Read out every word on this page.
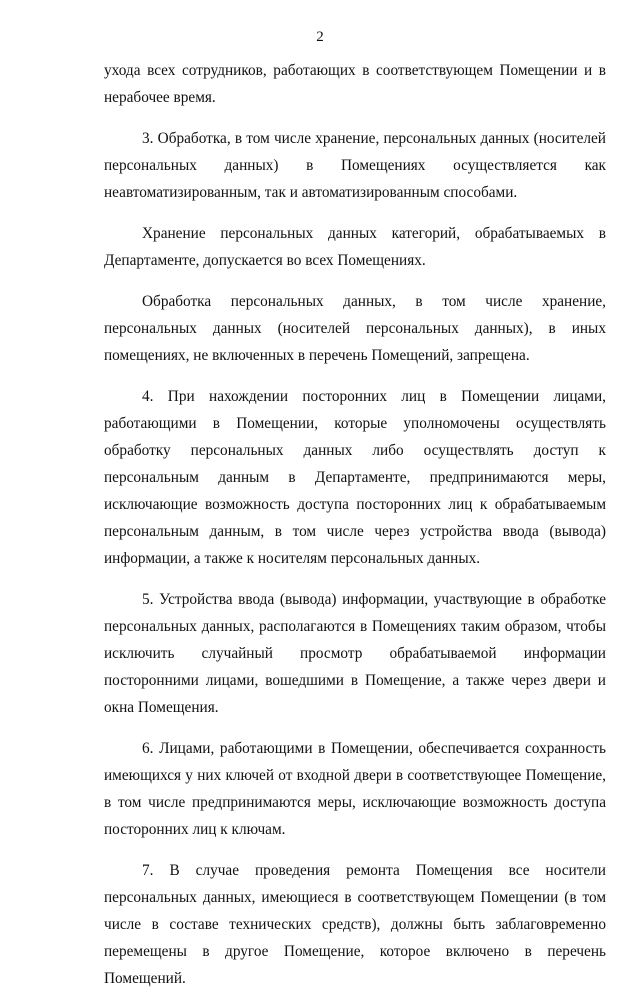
2

ухода всех сотрудников, работающих в соответствующем Помещении и в нерабочее время.

3. Обработка, в том числе хранение, персональных данных (носителей персональных данных) в Помещениях осуществляется как неавтоматизированным, так и автоматизированным способами.

Хранение персональных данных категорий, обрабатываемых в Департаменте, допускается во всех Помещениях.

Обработка персональных данных, в том числе хранение, персональных данных (носителей персональных данных), в иных помещениях, не включенных в перечень Помещений, запрещена.

4. При нахождении посторонних лиц в Помещении лицами, работающими в Помещении, которые уполномочены осуществлять обработку персональных данных либо осуществлять доступ к персональным данным в Департаменте, предпринимаются меры, исключающие возможность доступа посторонних лиц к обрабатываемым персональным данным, в том числе через устройства ввода (вывода) информации, а также к носителям персональных данных.

5. Устройства ввода (вывода) информации, участвующие в обработке персональных данных, располагаются в Помещениях таким образом, чтобы исключить случайный просмотр обрабатываемой информации посторонними лицами, вошедшими в Помещение, а также через двери и окна Помещения.

6. Лицами, работающими в Помещении, обеспечивается сохранность имеющихся у них ключей от входной двери в соответствующее Помещение, в том числе предпринимаются меры, исключающие возможность доступа посторонних лиц к ключам.

7. В случае проведения ремонта Помещения все носители персональных данных, имеющиеся в соответствующем Помещении (в том числе в составе технических средств), должны быть заблаговременно перемещены в другое Помещение, которое включено в перечень Помещений.
